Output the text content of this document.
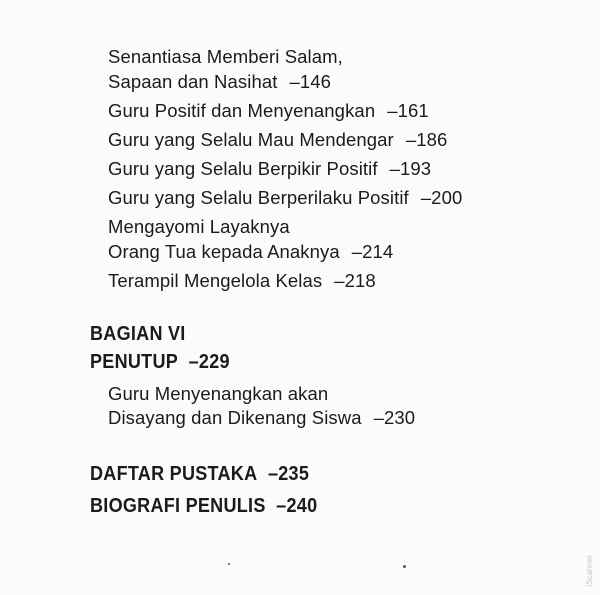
Senantiasa Memberi Salam,
Sapaan dan Nasihat –146
Guru Positif dan Menyenangkan –161
Guru yang Selalu Mau Mendengar –186
Guru yang Selalu Berpikir Positif –193
Guru yang Selalu Berperilaku Positif –200
Mengayomi Layaknya
Orang Tua kepada Anaknya –214
Terampil Mengelola Kelas –218
BAGIAN VI
PENUTUP –229
Guru Menyenangkan akan
Disayang dan Dikenang Siswa –230
DAFTAR PUSTAKA –235
BIOGRAFI PENULIS –240
iScanner
